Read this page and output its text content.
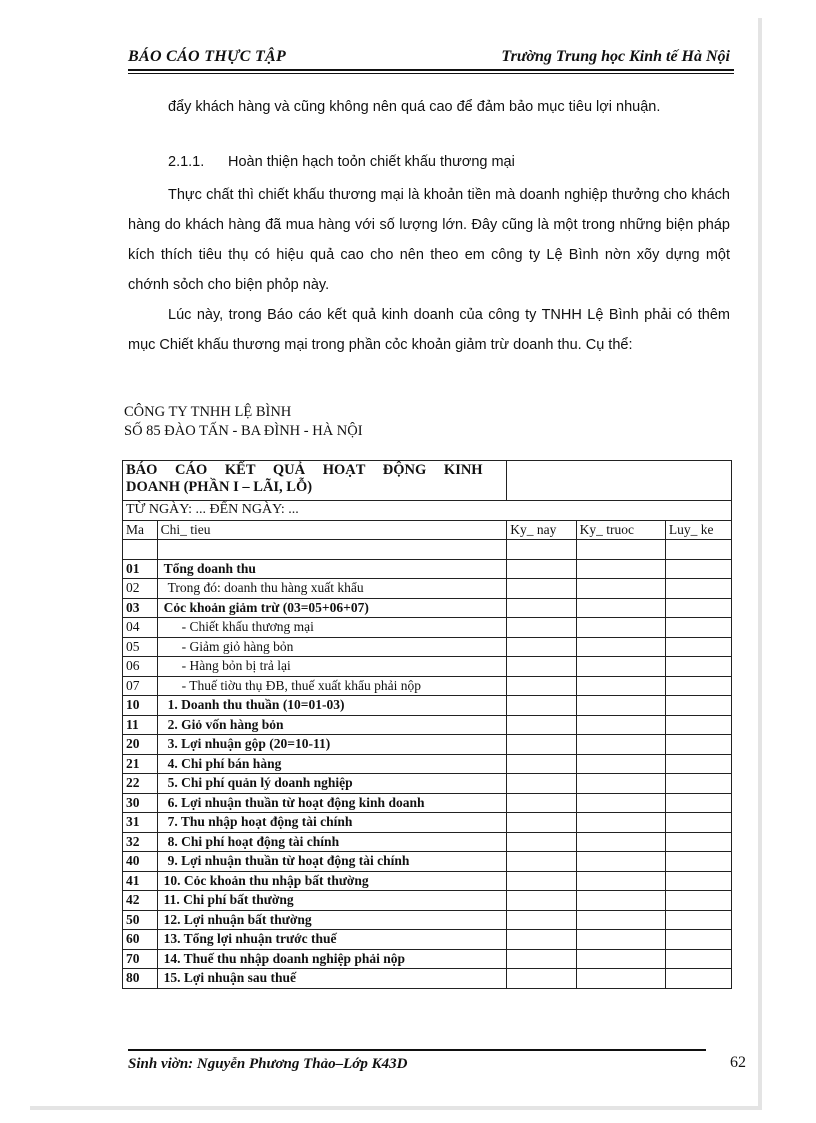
BÁO CÁO THỰC TẬP	Trường Trung học Kinh tế Hà Nội
đẩy khách hàng và cũng không nên quá cao để đảm bảo mục tiêu lợi nhuận.
2.1.1. Hoàn thiện hạch toỏn chiết khấu thương mại
Thực chất thì chiết khấu thương mại là khoản tiền mà doanh nghiệp thưởng cho khách hàng do khách hàng đã mua hàng với số lượng lớn. Đây cũng là một trong những biện pháp kích thích tiêu thụ có hiệu quả cao cho nên theo em công ty Lệ Bình nờn xõy dựng một chớnh sỏch cho biện phỏp này.
Lúc này, trong Báo cáo kết quả kinh doanh của công ty TNHH Lệ Bình phải có thêm mục Chiết khấu thương mại trong phần cỏc khoản giảm trừ doanh thu. Cụ thể:
CÔNG TY TNHH LỆ BÌNH
SỐ 85 ĐÀO TẤN - BA ĐÌNH - HÀ NỘI
BÁO CÁO KẾT QUẢ HOẠT ĐỘNG KINH
DOANH (PHẦN I – LÃI, LỖ)				
TỪ NGÀY: ... ĐẾN NGÀY: ...				
Ma	Chi_ tieu	Ky_ nay	Ky_ truoc	Luy_ ke

01	Tổng doanh thu			
02	Trong đó: doanh thu hàng xuất khẩu			
03	Cỏc khoản giảm trừ (03=05+06+07)			
04	- Chiết khấu thương mại			
05	- Giảm giỏ hàng bỏn			
06	- Hàng bỏn bị trả lại			
07	- Thuế tiờu thụ ĐB, thuế xuất khẩu phải nộp			
10	1. Doanh thu thuần (10=01-03)			
11	2. Giỏ vốn hàng bỏn			
20	3. Lợi nhuận gộp (20=10-11)			
21	4. Chi phí bán hàng			
22	5. Chi phí quản lý doanh nghiệp			
30	6. Lợi nhuận thuần từ hoạt động kinh doanh			
31	7. Thu nhập hoạt động tài chính			
32	8. Chi phí hoạt động tài chính			
40	9. Lợi nhuận thuần từ hoạt động tài chính			
41	10. Cỏc khoản thu nhập bất thường			
42	11. Chi phí bất thường			
50	12. Lợi nhuận bất thường			
60	13. Tổng lợi nhuận trước thuế			
70	14. Thuế thu nhập doanh nghiệp phải nộp			
80	15. Lợi nhuận sau thuế			
Sinh viờn: Nguyễn Phương Thảo–Lớp K43D	62
